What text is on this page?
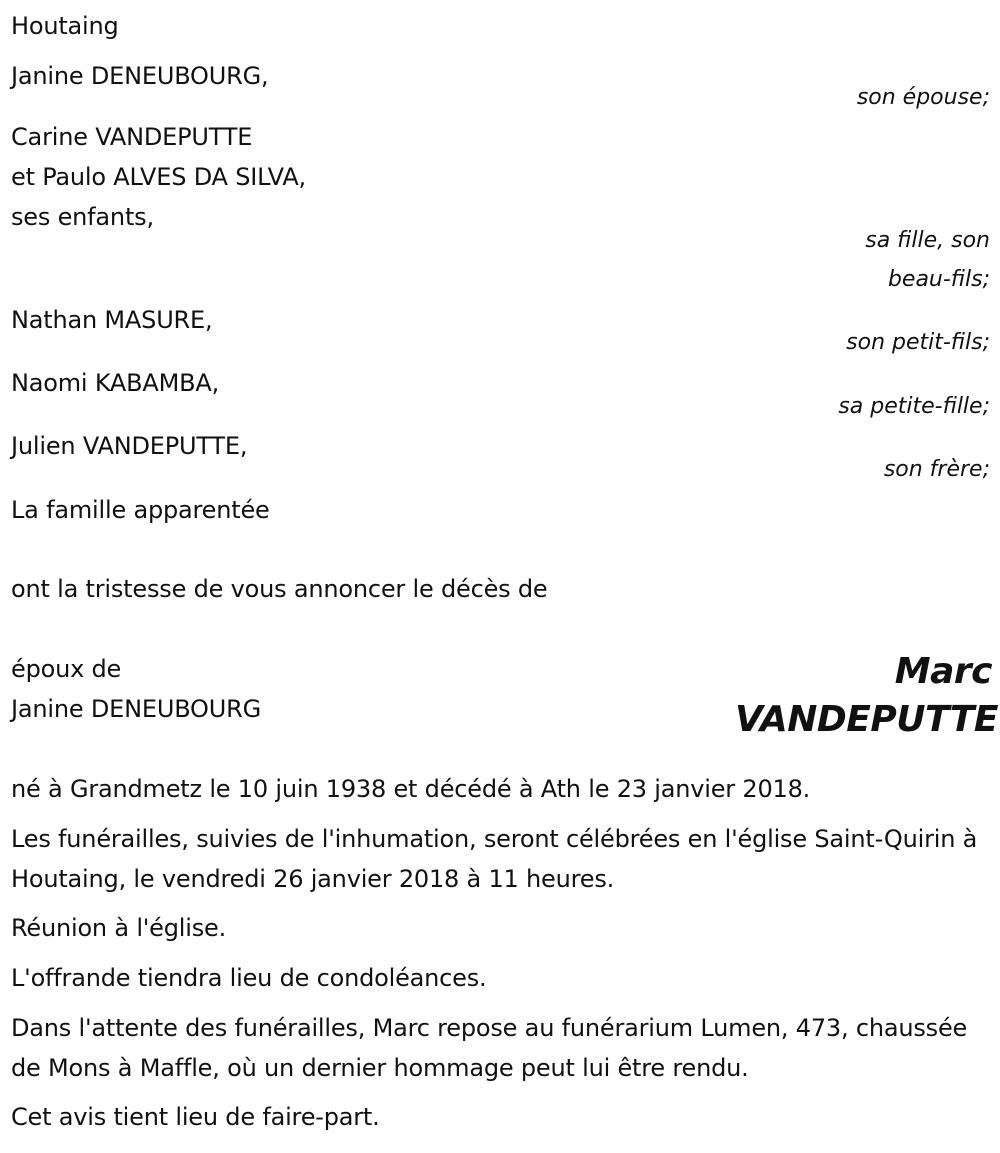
Houtaing
Janine DENEUBOURG,
son épouse;
Carine VANDEPUTTE
et Paulo ALVES DA SILVA,
ses enfants,
sa fille, son
beau-fils;
Nathan MASURE,
son petit-fils;
Naomi KABAMBA,
sa petite-fille;
Julien VANDEPUTTE,
son frère;
La famille apparentée
ont la tristesse de vous annoncer le décès de
époux de
Janine DENEUBOURG
Marc
VANDEPUTTE
né à Grandmetz le 10 juin 1938 et décédé à Ath le 23 janvier 2018.
Les funérailles, suivies de l'inhumation, seront célébrées en l'église Saint-Quirin à Houtaing, le vendredi 26 janvier 2018 à 11 heures.
Réunion à l'église.
L'offrande tiendra lieu de condoléances.
Dans l'attente des funérailles, Marc repose au funérarium Lumen, 473, chaussée de Mons à Maffle, où un dernier hommage peut lui être rendu.
Cet avis tient lieu de faire-part.
